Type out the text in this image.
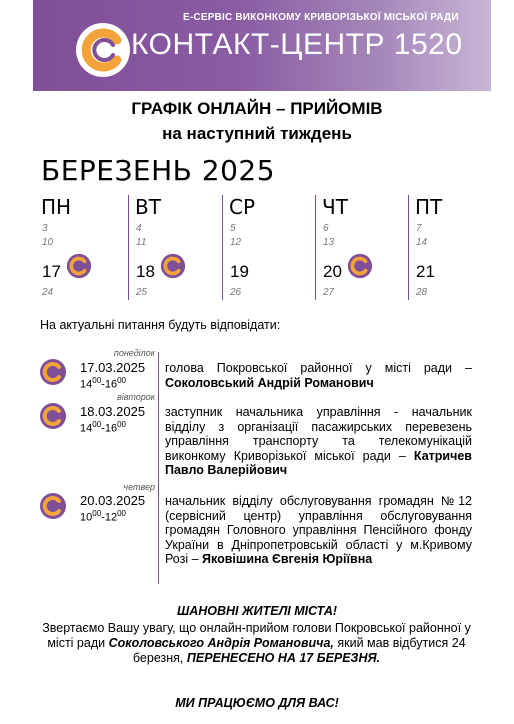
Е-СЕРВІС ВИКОНКОМУ КРИВОРІЗЬКОЇ МІСЬКОЇ РАДИ
КОНТАКТ-ЦЕНТР 1520
ГРАФІК ОНЛАЙН – ПРИЙОМІВ
на наступний тиждень
БЕРЕЗЕНЬ 2025
ПН
3
10
17
24
ВТ
4
11
18
25
СР
5
12
19
26
ЧТ
6
13
20
27
ПТ
7
14
21
28
На актуальні питання будуть відповідати:
понеділок
17.03.2025
$14^{00}-16^{00}$
голова Покровської районної у місті ради – Соколовський Андрій Романович
вівторок
18.03.2025
$14^{00}-16^{00}$
заступник начальника управління - начальник відділу з організації пасажирських перевезень управління транспорту та телекомунікацій виконкому Криворізької міської ради – Катричев Павло Валерійович
четвер
20.03.2025
$10^{00}-12^{00}$
начальник відділу обслуговування громадян №12 (сервісний центр) управління обслуговування громадян Головного управління Пенсійного фонду України в Дніпропетровській області у м.Кривому Розі – Яковішина Євгенія Юріївна
ШАНОВНІ ЖИТЕЛІ МІСТА!
Звертаємо Вашу увагу, що онлайн-прийом голови Покровської районної у місті ради Соколовського Андрія Романовича, який мав відбутися 24 березня, ПЕРЕНЕСЕНО НА 17 БЕРЕЗНЯ.
МИ ПРАЦЮЄМО ДЛЯ ВАС!
